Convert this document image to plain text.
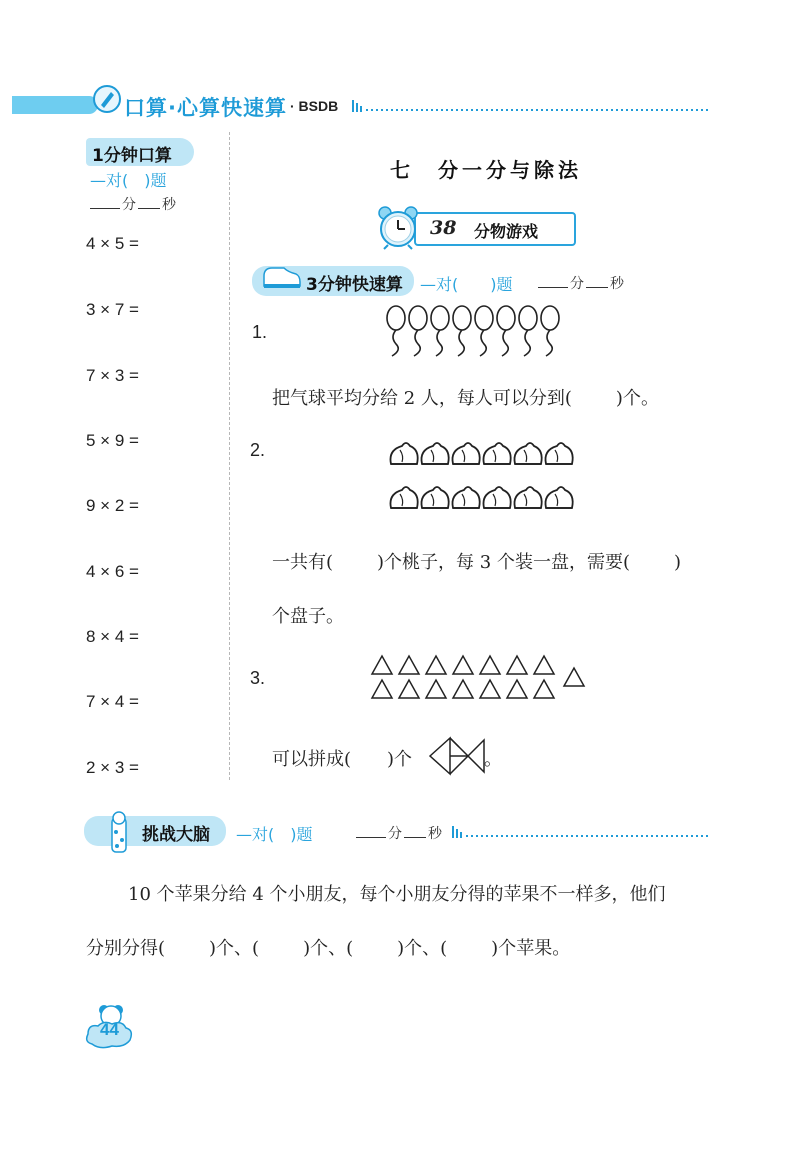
口算·心算快速算 · BSDB
1分钟口算
—对(　)题
分 秒
4 × 5 =
3 × 7 =
7 × 3 =
5 × 9 =
9 × 2 =
4 × 6 =
8 × 4 =
7 × 4 =
2 × 3 =
七　分一分与除法
38 分物游戏
3分钟快速算 —对(　　)题	分 秒
1.
把气球平均分给 2 人，每人可以分到( )个。
2.
一共有( )个桃子，每 3 个装一盘，需要( )
个盘子。
3.
可以拼成( )个	。
挑战大脑 —对(　)题	分 秒
10 个苹果分给 4 个小朋友，每个小朋友分得的苹果不一样多，他们
分别分得( )个、( )个、( )个、( )个苹果。
44
